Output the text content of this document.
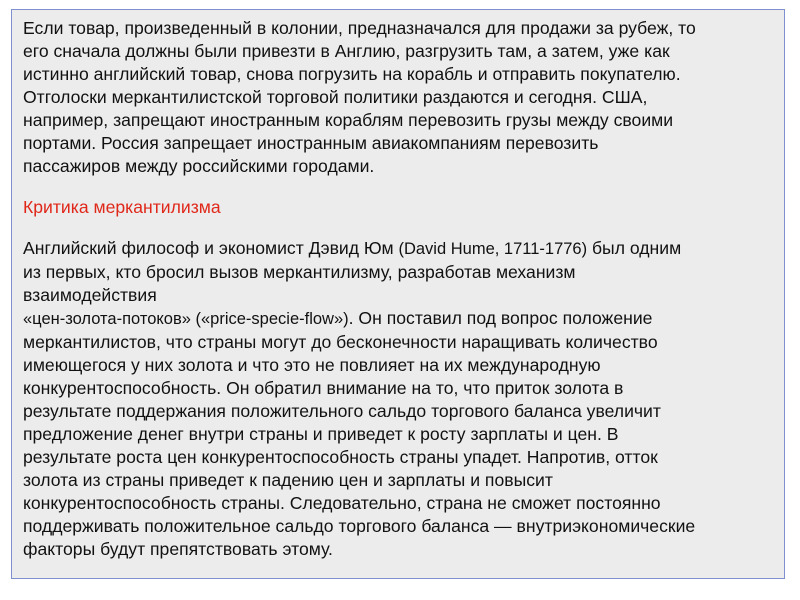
Если товар, произведенный в колонии, предназначался для продажи за рубеж, то
его сначала должны были привезти в Англию, разгрузить там, а затем, уже как
истинно английский товар, снова погрузить на корабль и отправить покупателю.
Отголоски меркантилистской торговой политики раздаются и сегодня. США,
например, запрещают иностранным кораблям перевозить грузы между своими
портами. Россия запрещает иностранным авиакомпаниям перевозить
пассажиров между российскими городами.
Критика меркантилизма
Английский философ и экономист Дэвид Юм (David Hume, 1711-1776) был одним
из первых, кто бросил вызов меркантилизму, разработав механизм
взаимодействия
«цен-золота-потоков» («price-specie-flow»). Он поставил под вопрос положение
меркантилистов, что страны могут до бесконечности наращивать количество
имеющегося у них золота и что это не повлияет на их международную
конкурентоспособность. Он обратил внимание на то, что приток золота в
результате поддержания положительного сальдо торгового баланса увеличит
предложение денег внутри страны и приведет к росту зарплаты и цен. В
результате роста цен конкурентоспособность страны упадет. Напротив, отток
золота из страны приведет к падению цен и зарплаты и повысит
конкурентоспособность страны. Следовательно, страна не сможет постоянно
поддерживать положительное сальдо торгового баланса — внутриэкономические
факторы будут препятствовать этому.
